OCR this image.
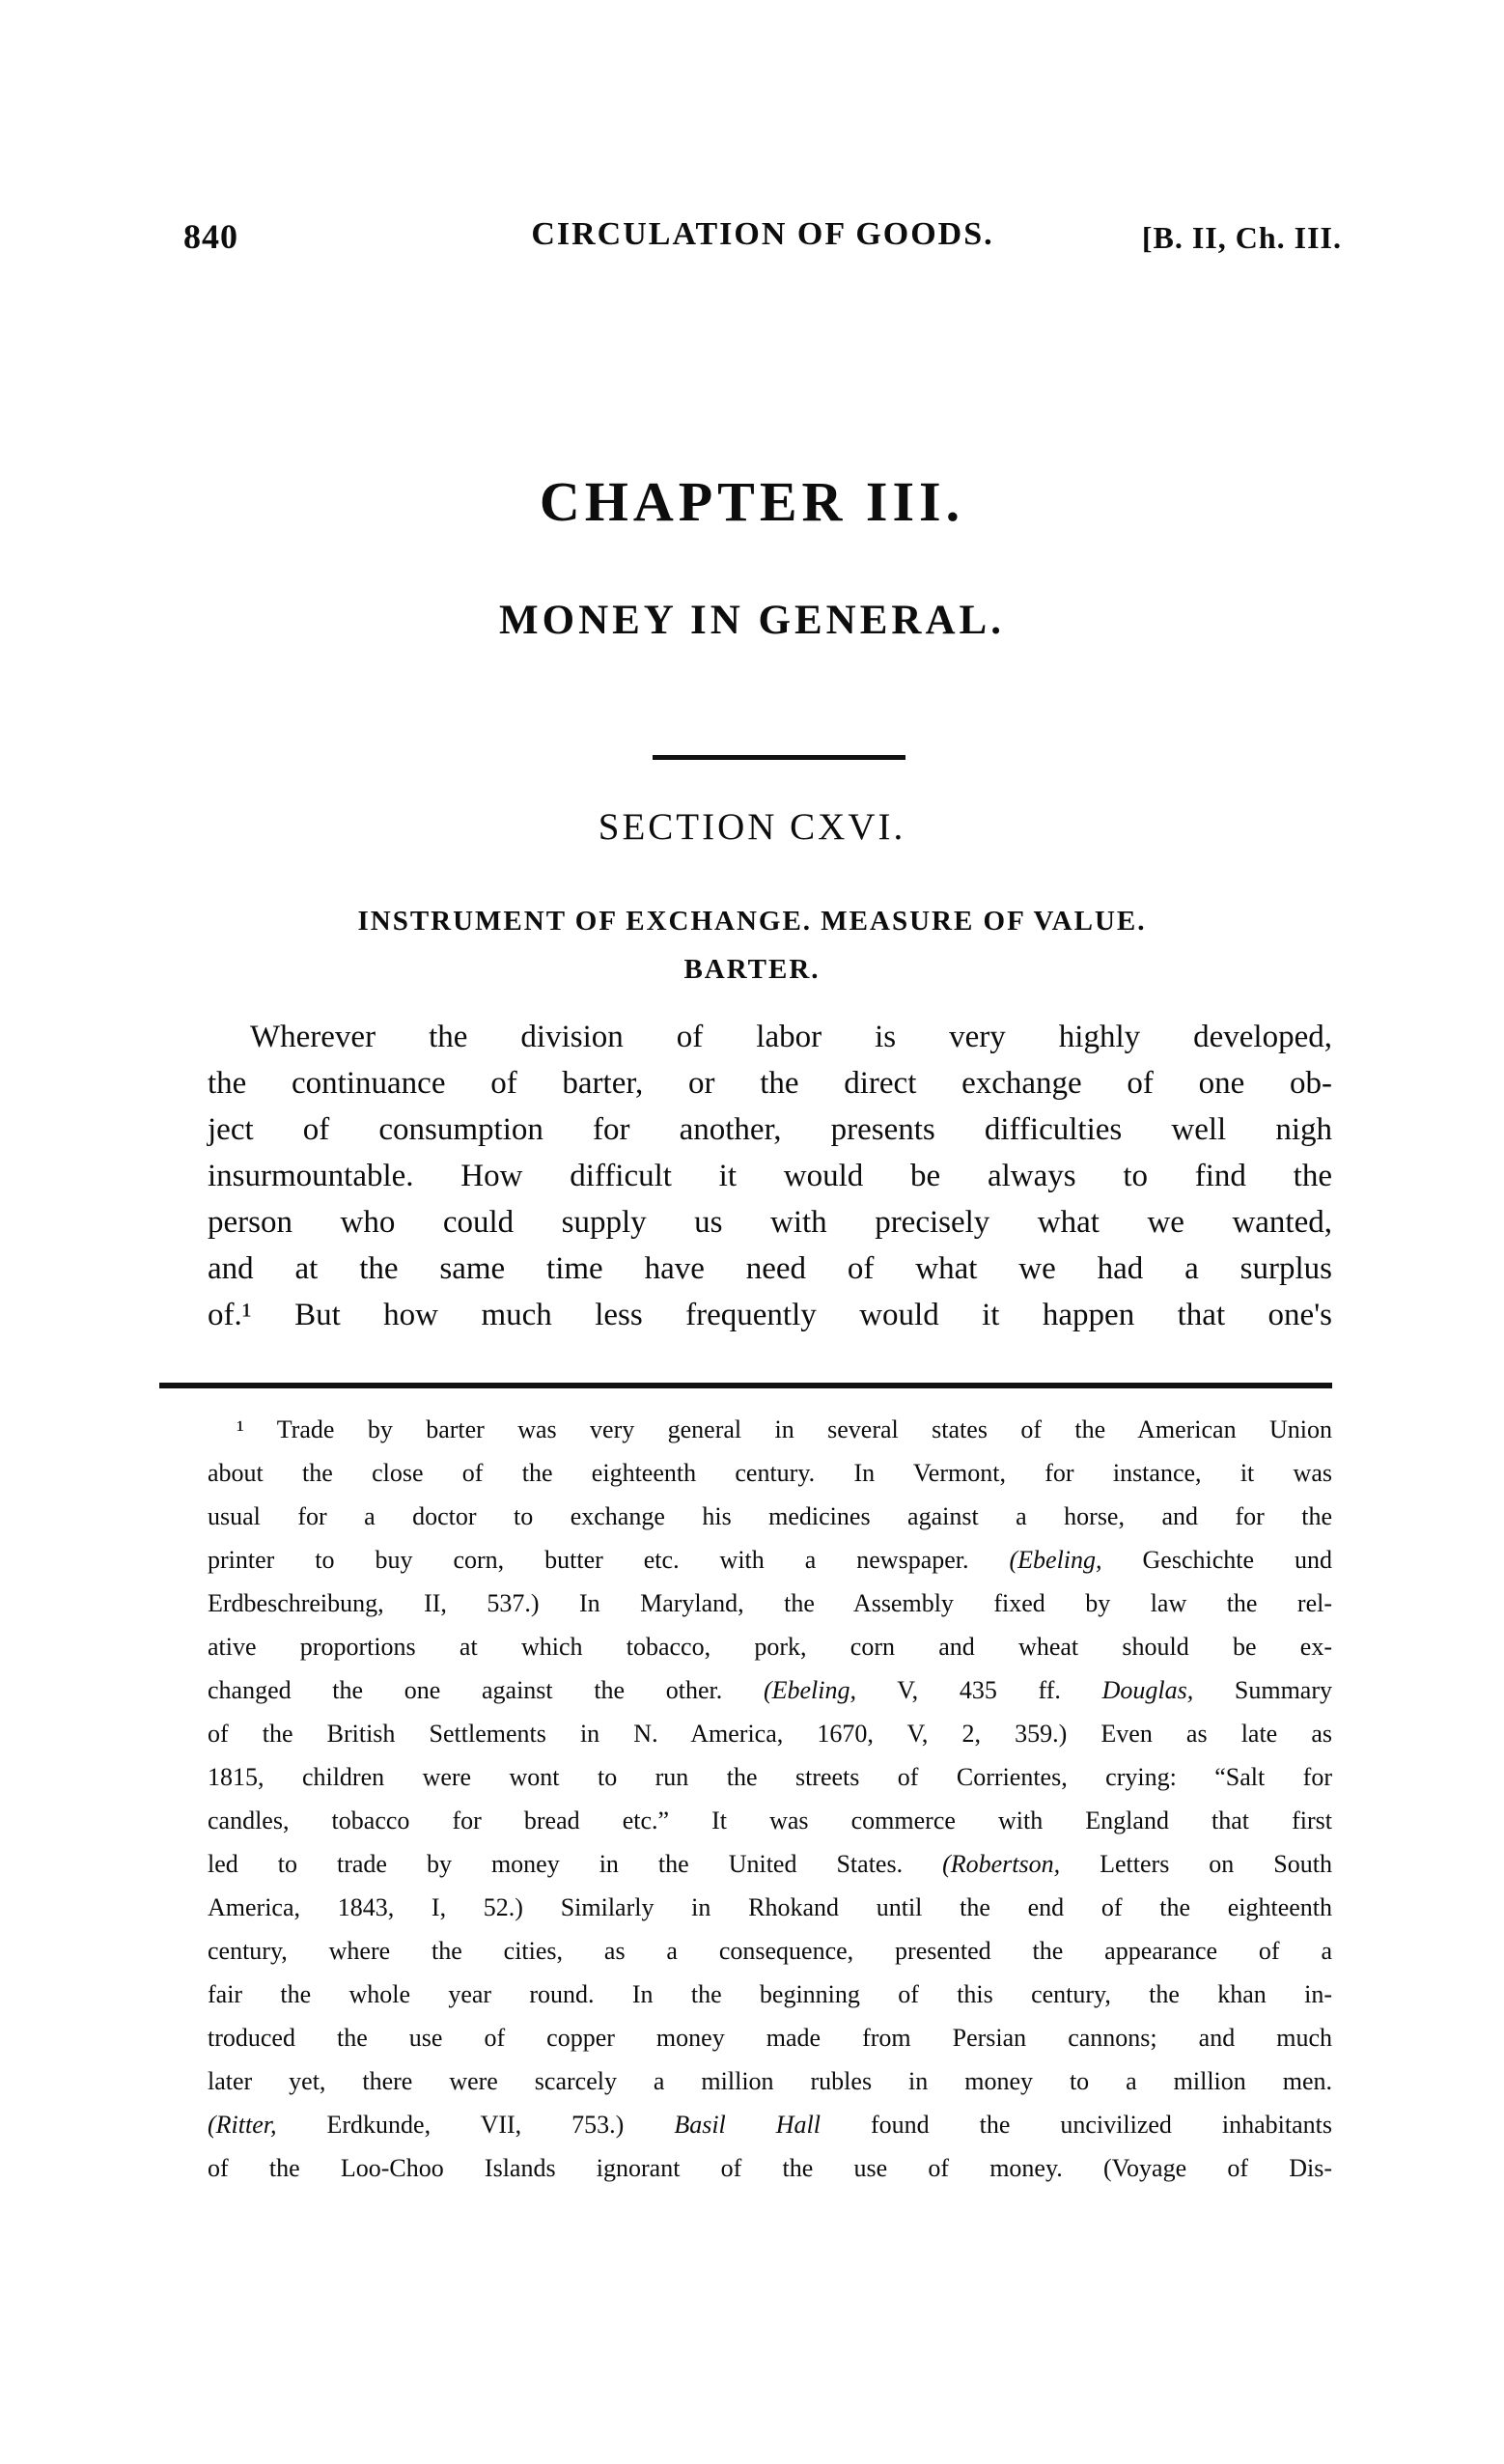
840	CIRCULATION OF GOODS.	[B. II, Ch. III.
CHAPTER III.
MONEY IN GENERAL.
SECTION CXVI.
INSTRUMENT OF EXCHANGE. MEASURE OF VALUE.
BARTER.
Wherever the division of labor is very highly developed,
the continuance of barter, or the direct exchange of one ob-
ject of consumption for another, presents difficulties well nigh
insurmountable. How difficult it would be always to find the
person who could supply us with precisely what we wanted,
and at the same time have need of what we had a surplus
of.¹ But how much less frequently would it happen that one's
¹ Trade by barter was very general in several states of the American Union
about the close of the eighteenth century. In Vermont, for instance, it was
usual for a doctor to exchange his medicines against a horse, and for the
printer to buy corn, butter etc. with a newspaper. (Ebeling, Geschichte und
Erdbeschreibung, II, 537.) In Maryland, the Assembly fixed by law the rel-
ative proportions at which tobacco, pork, corn and wheat should be ex-
changed the one against the other. (Ebeling, V, 435 ff. Douglas, Summary
of the British Settlements in N. America, 1670, V, 2, 359.) Even as late as
1815, children were wont to run the streets of Corrientes, crying: “Salt for
candles, tobacco for bread etc.” It was commerce with England that first
led to trade by money in the United States. (Robertson, Letters on South
America, 1843, I, 52.) Similarly in Rhokand until the end of the eighteenth
century, where the cities, as a consequence, presented the appearance of a
fair the whole year round. In the beginning of this century, the khan in-
troduced the use of copper money made from Persian cannons; and much
later yet, there were scarcely a million rubles in money to a million men.
(Ritter, Erdkunde, VII, 753.) Basil Hall found the uncivilized inhabitants
of the Loo-Choo Islands ignorant of the use of money. (Voyage of Dis-
